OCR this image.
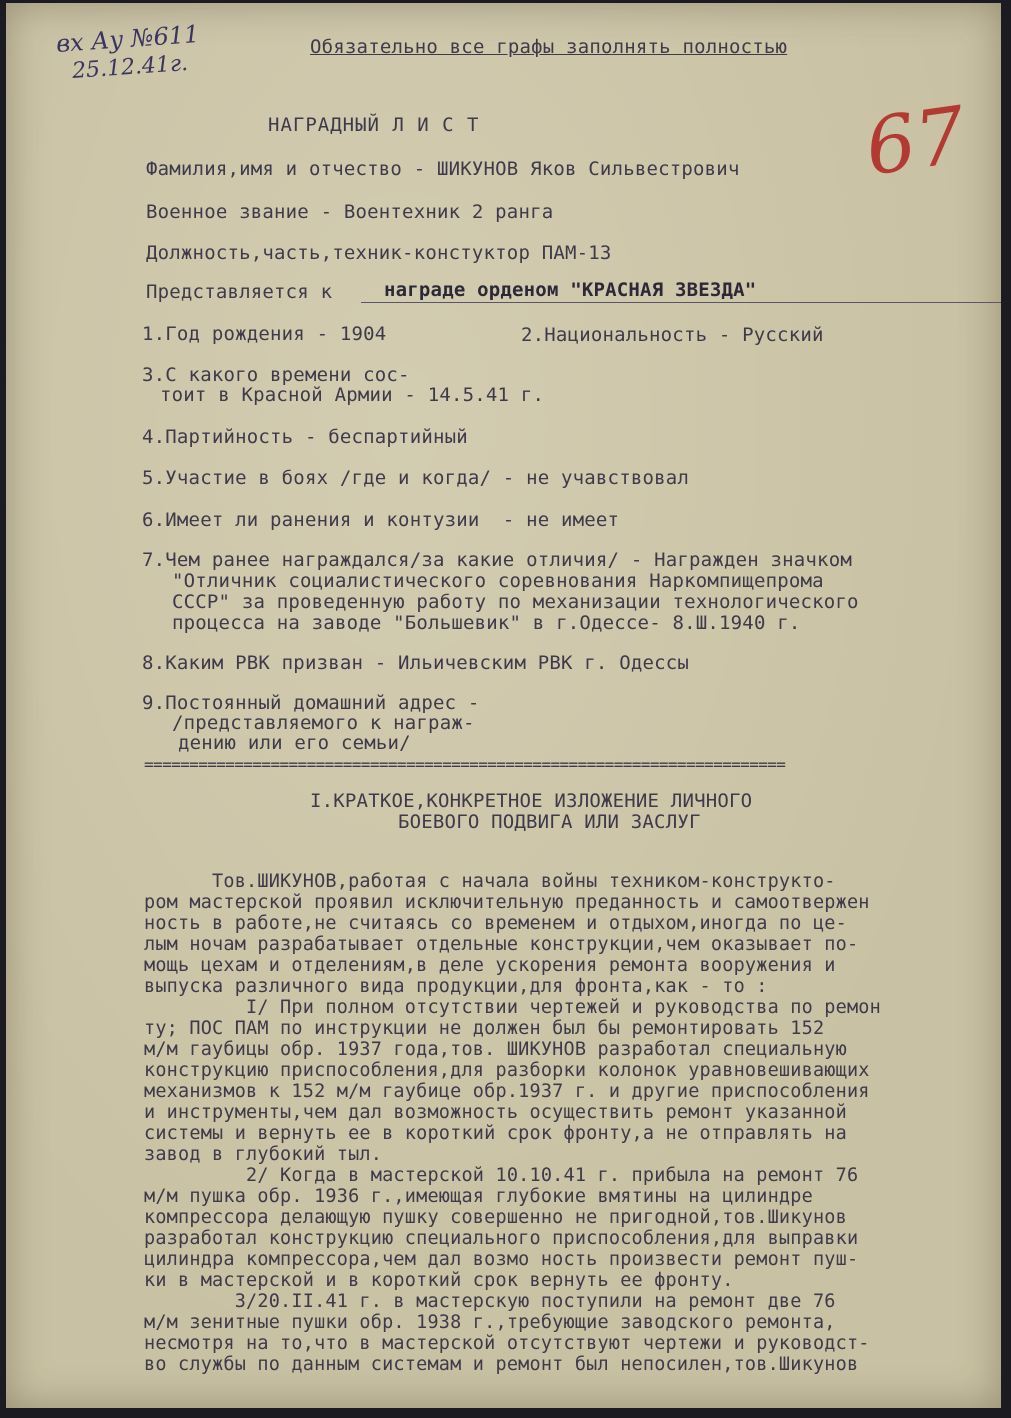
вх Ау №611
25.12.41г.
67
Обязательно все графы заполнять полностью
НАГРАДНЫЙ Л И С Т
Фамилия,имя и отчество - ШИКУНОВ Яков Сильвестрович
Военное звание - Воентехник 2 ранга
Должность,часть,техник-констуктор ПАМ-13
Представляется к	награде орденом "КРАСНАЯ ЗВЕЗДА"
1.Год рождения - 1904	2.Национальность - Русский
3.С какого времени сос-
тоит в Красной Армии - 14.5.41 г.
4.Партийность - беспартийный
5.Участие в боях /где и когда/ - не учавствовал
6.Имеет ли ранения и контузии  - не имеет
7.Чем ранее награждался/за какие отличия/ - Награжден значком
"Отличник социалистического соревнования Наркомпищепрома
СССР" за проведенную работу по механизации технологического
процесса на заводе "Большевик" в г.Одессе- 8.Ш.1940 г.
8.Каким РВК призван - Ильичевским РВК г. Одессы
9.Постоянный домашний адрес -
/представляемого к награж-
дению или его семьи/
=======================================================================
I.КРАТКОЕ,КОНКРЕТНОЕ ИЗЛОЖЕНИЕ ЛИЧНОГО
БОЕВОГО ПОДВИГА ИЛИ ЗАСЛУГ
Тов.ШИКУНОВ,работая с начала войны техником-конструкто-
ром мастерской проявил исключительную преданность и самоотвержен
ность в работе,не считаясь со временем и отдыхом,иногда по це-
лым ночам разрабатывает отдельные конструкции,чем оказывает по-
мощь цехам и отделениям,в деле ускорения ремонта вооружения и
выпуска различного вида продукции,для фронта,как - то :
I/ При полном отсутствии чертежей и руководства по ремон
ту; ПОС ПАМ по инструкции не должен был бы ремонтировать 152
м/м гаубицы обр. 1937 года,тов. ШИКУНОВ разработал специальную
конструкцию приспособления,для разборки колонок уравновешивающих
механизмов к 152 м/м гаубице обр.1937 г. и другие приспособления
и инструменты,чем дал возможность осуществить ремонт указанной
системы и вернуть ее в короткий срок фронту,а не отправлять на
завод в глубокий тыл.
2/ Когда в мастерской 10.10.41 г. прибыла на ремонт 76
м/м пушка обр. 1936 г.,имеющая глубокие вмятины на цилиндре
компрессора делающую пушку совершенно не пригодной,тов.Шикунов
разработал конструкцию специального приспособления,для выправки
цилиндра компрессора,чем дал возмо ность произвести ремонт пуш-
ки в мастерской и в короткий срок вернуть ее фронту.
3/20.II.41 г. в мастерскую поступили на ремонт две 76
м/м зенитные пушки обр. 1938 г.,требующие заводского ремонта,
несмотря на то,что в мастерской отсутствуют чертежи и руководст-
во службы по данным системам и ремонт был непосилен,тов.Шикунов
